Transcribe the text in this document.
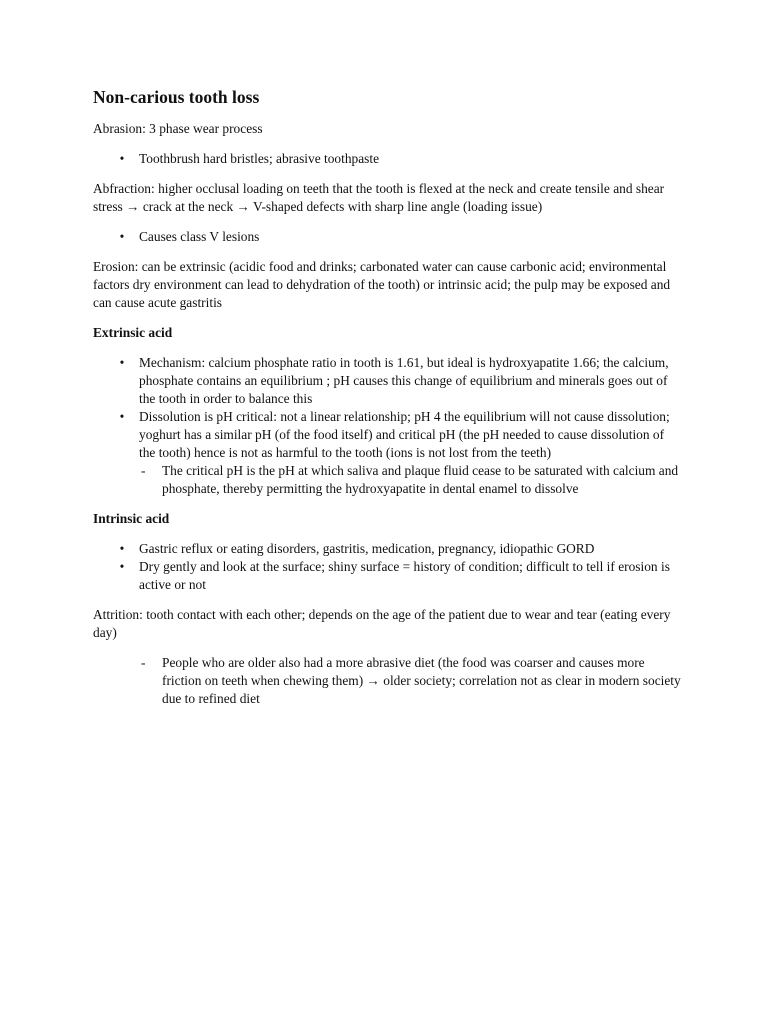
Non-carious tooth loss

Abrasion: 3 phase wear process

• Toothbrush hard bristles; abrasive toothpaste

Abfraction: higher occlusal loading on teeth that the tooth is flexed at the neck and create tensile and shear stress → crack at the neck → V-shaped defects with sharp line angle (loading issue)

• Causes class V lesions

Erosion: can be extrinsic (acidic food and drinks; carbonated water can cause carbonic acid; environmental factors dry environment can lead to dehydration of the tooth) or intrinsic acid; the pulp may be exposed and can cause acute gastritis

Extrinsic acid
• Mechanism: calcium phosphate ratio in tooth is 1.61, but ideal is hydroxyapatite 1.66; the calcium, phosphate contains an equilibrium ; pH causes this change of equilibrium and minerals goes out of the tooth in order to balance this
• Dissolution is pH critical: not a linear relationship; pH 4 the equilibrium will not cause dissolution; yoghurt has a similar pH (of the food itself) and critical pH (the pH needed to cause dissolution of the tooth) hence is not as harmful to the tooth (ions is not lost from the teeth)
- The critical pH is the pH at which saliva and plaque fluid cease to be saturated with calcium and phosphate, thereby permitting the hydroxyapatite in dental enamel to dissolve
Intrinsic acid
• Gastric reflux or eating disorders, gastritis, medication, pregnancy, idiopathic GORD
• Dry gently and look at the surface; shiny surface = history of condition; difficult to tell if erosion is active or not

Attrition: tooth contact with each other; depends on the age of the patient due to wear and tear (eating every day)

- People who are older also had a more abrasive diet (the food was coarser and causes more friction on teeth when chewing them) → older society; correlation not as clear in modern society due to refined diet
